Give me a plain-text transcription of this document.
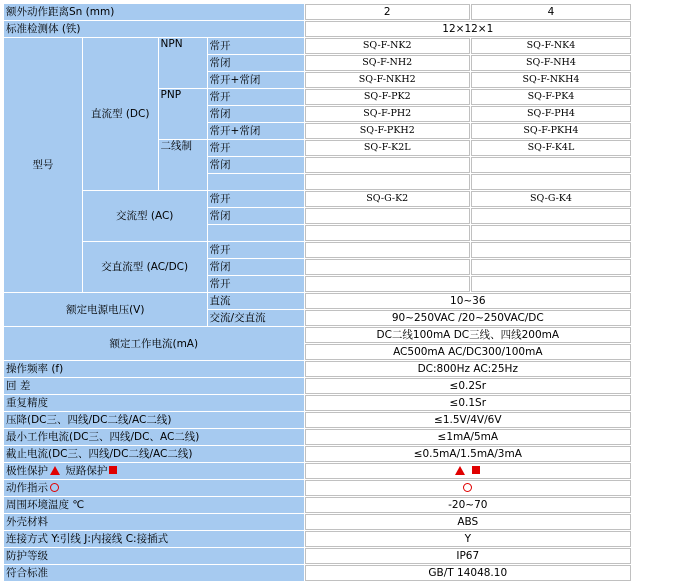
额外动作距离Sn (mm)				2	4
标准检测体 (铁)				12×12×1	
型号	直流型 (DC)	NPN	常开	SQ-F-NK2	SQ-F-NK4
			常闭	SQ-F-NH2	SQ-F-NH4
			常开+常闭	SQ-F-NKH2	SQ-F-NKH4
		PNP	常开	SQ-F-PK2	SQ-F-PK4
			常闭	SQ-F-PH2	SQ-F-PH4
			常开+常闭	SQ-F-PKH2	SQ-F-PKH4
		二线制	常开	SQ-F-K2L	SQ-F-K4L
			常闭		

	交流型 (AC)		常开	SQ-G-K2	SQ-G-K4
			常闭		

	交直流型 (AC/DC)		常开		
			常闭		
			常开		
额定电源电压(V)			直流	10~36	
			交流/交直流	90~250VAC /20~250VAC/DC	
额定工作电流(mA)				DC二线100mA DC三线、四线200mA	
				AC500mA AC/DC300/100mA	
操作频率 (f)				DC:800Hz AC:25Hz	
回 差				≤0.2Sr	
重复精度				≤0.1Sr	
压降(DC三、四线/DC二线/AC二线)				≤1.5V/4V/6V	
最小工作电流(DC三、四线/DC、AC二线)				≤1mA/5mA	
截止电流(DC三、四线/DC二线/AC二线)				≤0.5mA/1.5mA/3mA	
极性保护 短路保护					
动作指示					
周围环境温度 ℃				-20~70	
外壳材料				ABS	
连接方式 Y:引线 J:内接线 C:接插式				Y	
防护等级				IP67	
符合标准				GB/T 14048.10	
